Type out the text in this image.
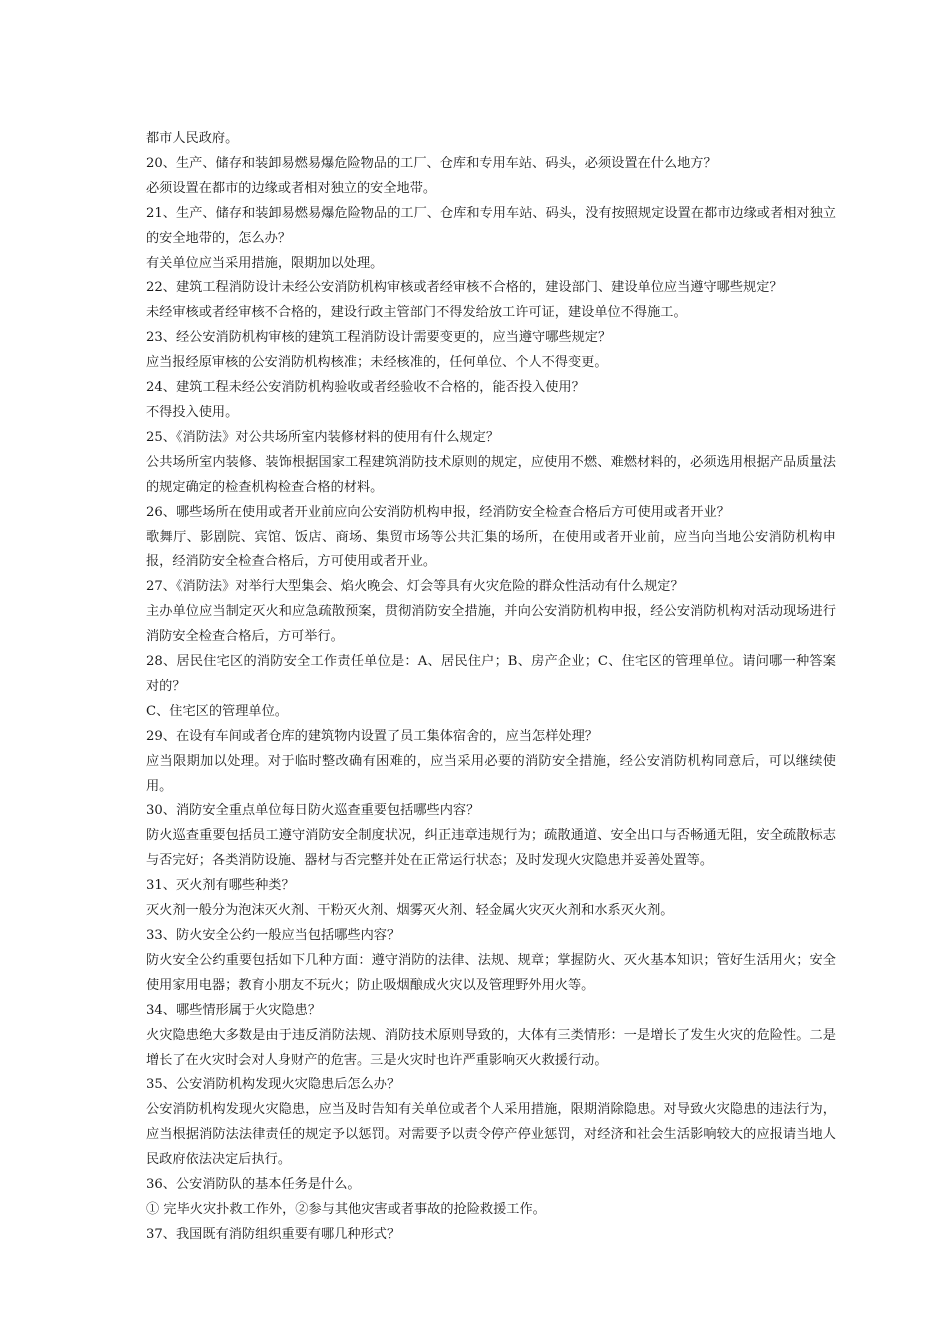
都市人民政府。

20、生产、储存和装卸易燃易爆危险物品的工厂、仓库和专用车站、码头，必须设置在什么地方？

必须设置在都市的边缘或者相对独立的安全地带。

21、生产、储存和装卸易燃易爆危险物品的工厂、仓库和专用车站、码头，没有按照规定设置在都市边缘或者相对独立的安全地带的，怎么办？

有关单位应当采用措施，限期加以处理。

22、建筑工程消防设计未经公安消防机构审核或者经审核不合格的，建设部门、建设单位应当遵守哪些规定？

未经审核或者经审核不合格的，建设行政主管部门不得发给放工许可证，建设单位不得施工。

23、经公安消防机构审核的建筑工程消防设计需要变更的，应当遵守哪些规定？

应当报经原审核的公安消防机构核准；未经核准的，任何单位、个人不得变更。

24、建筑工程未经公安消防机构验收或者经验收不合格的，能否投入使用？

不得投入使用。

25、《消防法》对公共场所室内装修材料的使用有什么规定？

公共场所室内装修、装饰根据国家工程建筑消防技术原则的规定，应使用不燃、难燃材料的，必须选用根据产品质量法的规定确定的检查机构检查合格的材料。

26、哪些场所在使用或者开业前应向公安消防机构申报，经消防安全检查合格后方可使用或者开业？

歌舞厅、影剧院、宾馆、饭店、商场、集贸市场等公共汇集的场所，在使用或者开业前，应当向当地公安消防机构申报，经消防安全检查合格后，方可使用或者开业。

27、《消防法》对举行大型集会、焰火晚会、灯会等具有火灾危险的群众性活动有什么规定？

主办单位应当制定灭火和应急疏散预案，贯彻消防安全措施，并向公安消防机构申报，经公安消防机构对活动现场进行消防安全检查合格后，方可举行。

28、居民住宅区的消防安全工作责任单位是：A、居民住户；B、房产企业；C、住宅区的管理单位。请问哪一种答案对的？

C、住宅区的管理单位。

29、在设有车间或者仓库的建筑物内设置了员工集体宿舍的，应当怎样处理？

应当限期加以处理。对于临时整改确有困难的，应当采用必要的消防安全措施，经公安消防机构同意后，可以继续使用。

30、消防安全重点单位每日防火巡查重要包括哪些内容？

防火巡查重要包括员工遵守消防安全制度状况，纠正违章违规行为；疏散通道、安全出口与否畅通无阻，安全疏散标志与否完好；各类消防设施、器材与否完整并处在正常运行状态；及时发现火灾隐患并妥善处置等。

31、灭火剂有哪些种类？

灭火剂一般分为泡沫灭火剂、干粉灭火剂、烟雾灭火剂、轻金属火灾灭火剂和水系灭火剂。

33、防火安全公约一般应当包括哪些内容？

防火安全公约重要包括如下几种方面：遵守消防的法律、法规、规章；掌握防火、灭火基本知识；管好生活用火；安全使用家用电器；教育小朋友不玩火；防止吸烟酿成火灾以及管理野外用火等。

34、哪些情形属于火灾隐患？

火灾隐患绝大多数是由于违反消防法规、消防技术原则导致的，大体有三类情形：一是增长了发生火灾的危险性。二是增长了在火灾时会对人身财产的危害。三是火灾时也许严重影响灭火救援行动。

35、公安消防机构发现火灾隐患后怎么办？

公安消防机构发现火灾隐患，应当及时告知有关单位或者个人采用措施，限期消除隐患。对导致火灾隐患的违法行为，应当根据消防法法律责任的规定予以惩罚。对需要予以责令停产停业惩罚，对经济和社会生活影响较大的应报请当地人民政府依法决定后执行。

36、公安消防队的基本任务是什么。

① 完毕火灾扑救工作外，②参与其他灾害或者事故的抢险救援工作。

37、我国既有消防组织重要有哪几种形式？
